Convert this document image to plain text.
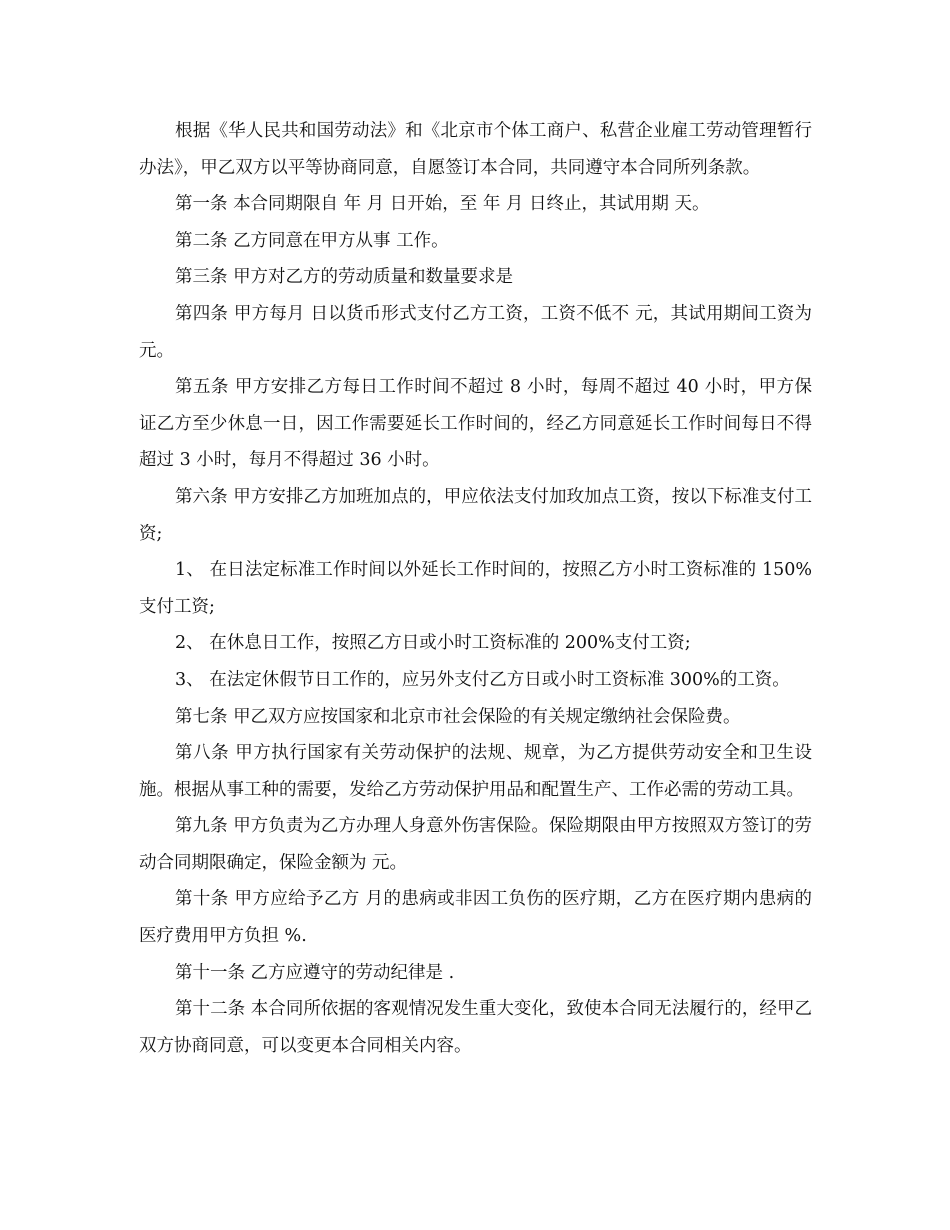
根据《华人民共和国劳动法》和《北京市个体工商户、私营企业雇工劳动管理暂行办法》，甲乙双方以平等协商同意，自愿签订本合同，共同遵守本合同所列条款。

第一条 本合同期限自 年 月 日开始，至 年 月 日终止，其试用期 天。

第二条 乙方同意在甲方从事 工作。

第三条 甲方对乙方的劳动质量和数量要求是

第四条 甲方每月 日以货币形式支付乙方工资，工资不低不 元，其试用期间工资为 元。

第五条 甲方安排乙方每日工作时间不超过 8 小时，每周不超过 40 小时，甲方保证乙方至少休息一日，因工作需要延长工作时间的，经乙方同意延长工作时间每日不得超过 3 小时，每月不得超过 36 小时。

第六条 甲方安排乙方加班加点的，甲应依法支付加玫加点工资，按以下标准支付工资;

1、 在日法定标准工作时间以外延长工作时间的，按照乙方小时工资标准的 150%支付工资;

2、 在休息日工作，按照乙方日或小时工资标准的 200%支付工资;

3、 在法定休假节日工作的，应另外支付乙方日或小时工资标准 300%的工资。

第七条 甲乙双方应按国家和北京市社会保险的有关规定缴纳社会保险费。

第八条 甲方执行国家有关劳动保护的法规、规章，为乙方提供劳动安全和卫生设施。根据从事工种的需要，发给乙方劳动保护用品和配置生产、工作必需的劳动工具。

第九条 甲方负责为乙方办理人身意外伤害保险。保险期限由甲方按照双方签订的劳动合同期限确定，保险金额为 元。

第十条 甲方应给予乙方 月的患病或非因工负伤的医疗期，乙方在医疗期内患病的医疗费用甲方负担 %.

第十一条 乙方应遵守的劳动纪律是 .

第十二条 本合同所依据的客观情况发生重大变化，致使本合同无法履行的，经甲乙双方协商同意，可以变更本合同相关内容。
